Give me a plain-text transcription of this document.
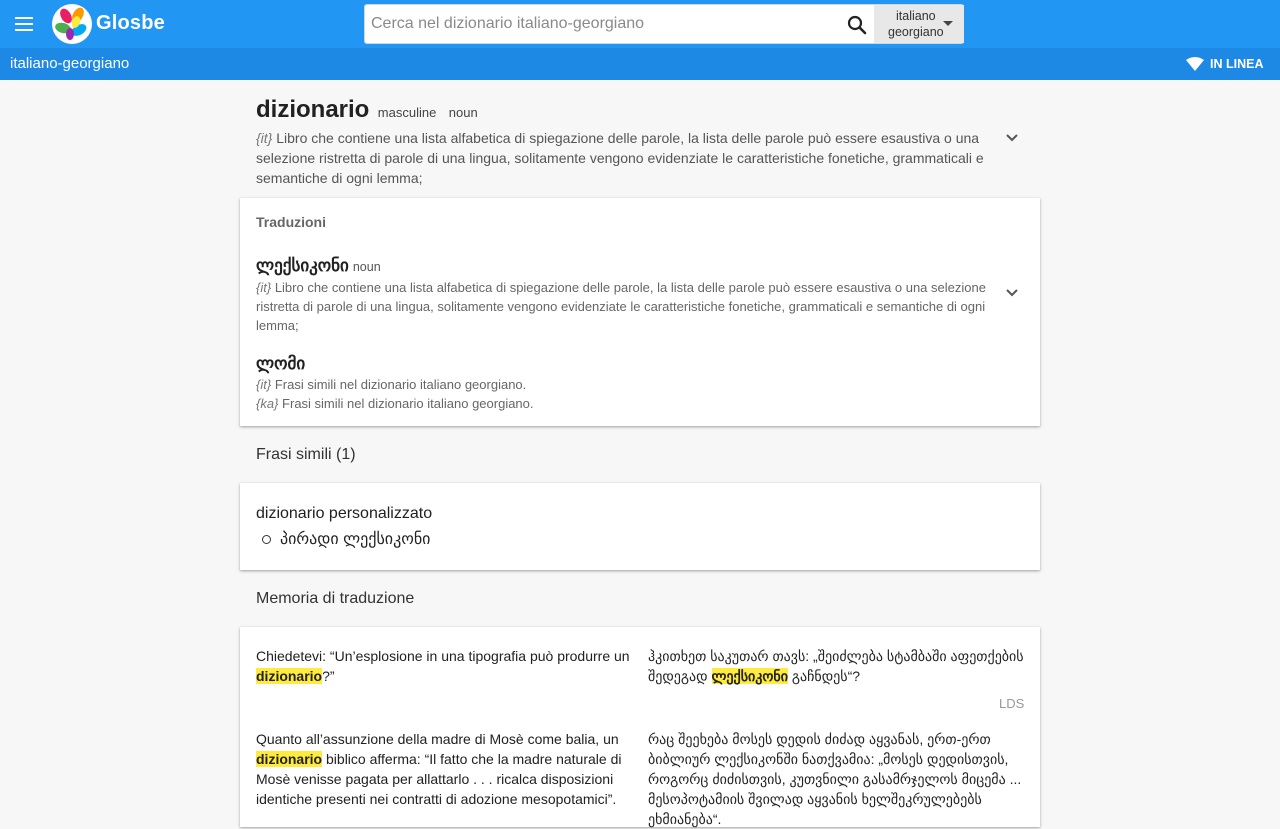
Glosbe
Cerca nel dizionario italiano-georgiano	italiano
georgiano
italiano-georgiano	IN LINEA
dizionario masculine noun
{it} Libro che contiene una lista alfabetica di spiegazione delle parole, la lista delle parole può essere esaustiva o una selezione ristretta di parole di una lingua, solitamente vengono evidenziate le caratteristiche fonetiche, grammaticali e semantiche di ogni lemma;
Traduzioni
ლექსიკონი noun
{it} Libro che contiene una lista alfabetica di spiegazione delle parole, la lista delle parole può essere esaustiva o una selezione ristretta di parole di una lingua, solitamente vengono evidenziate le caratteristiche fonetiche, grammaticali e semantiche di ogni lemma;
ლომი
{it} Frasi simili nel dizionario italiano georgiano.
{ka} Frasi simili nel dizionario italiano georgiano.
Frasi simili (1)
dizionario personalizzato
პირადი ლექსიკონი
Memoria di traduzione
Chiedetevi: “Un’esplosione in una tipografia può produrre un dizionario?”
ჰკითხეთ საკუთარ თავს: „შეიძლება სტამბაში აფეთქების შედეგად ლექსიკონი გაჩნდეს“?
LDS
Quanto all’assunzione della madre di Mosè come balia, un dizionario biblico afferma: “Il fatto che la madre naturale di Mosè venisse pagata per allattarlo . . . ricalca disposizioni identiche presenti nei contratti di adozione mesopotamici”.
რაც შეეხება მოსეს დედის ძიძად აყვანას, ერთ-ერთ ბიბლიურ ლექსიკონში ნათქვამია: „მოსეს დედისთვის, როგორც ძიძისთვის, კუთვნილი გასამრჯელოს მიცემა ... მესოპოტამიის შვილად აყვანის ხელშეკრულებებს ეხმიანება“.
